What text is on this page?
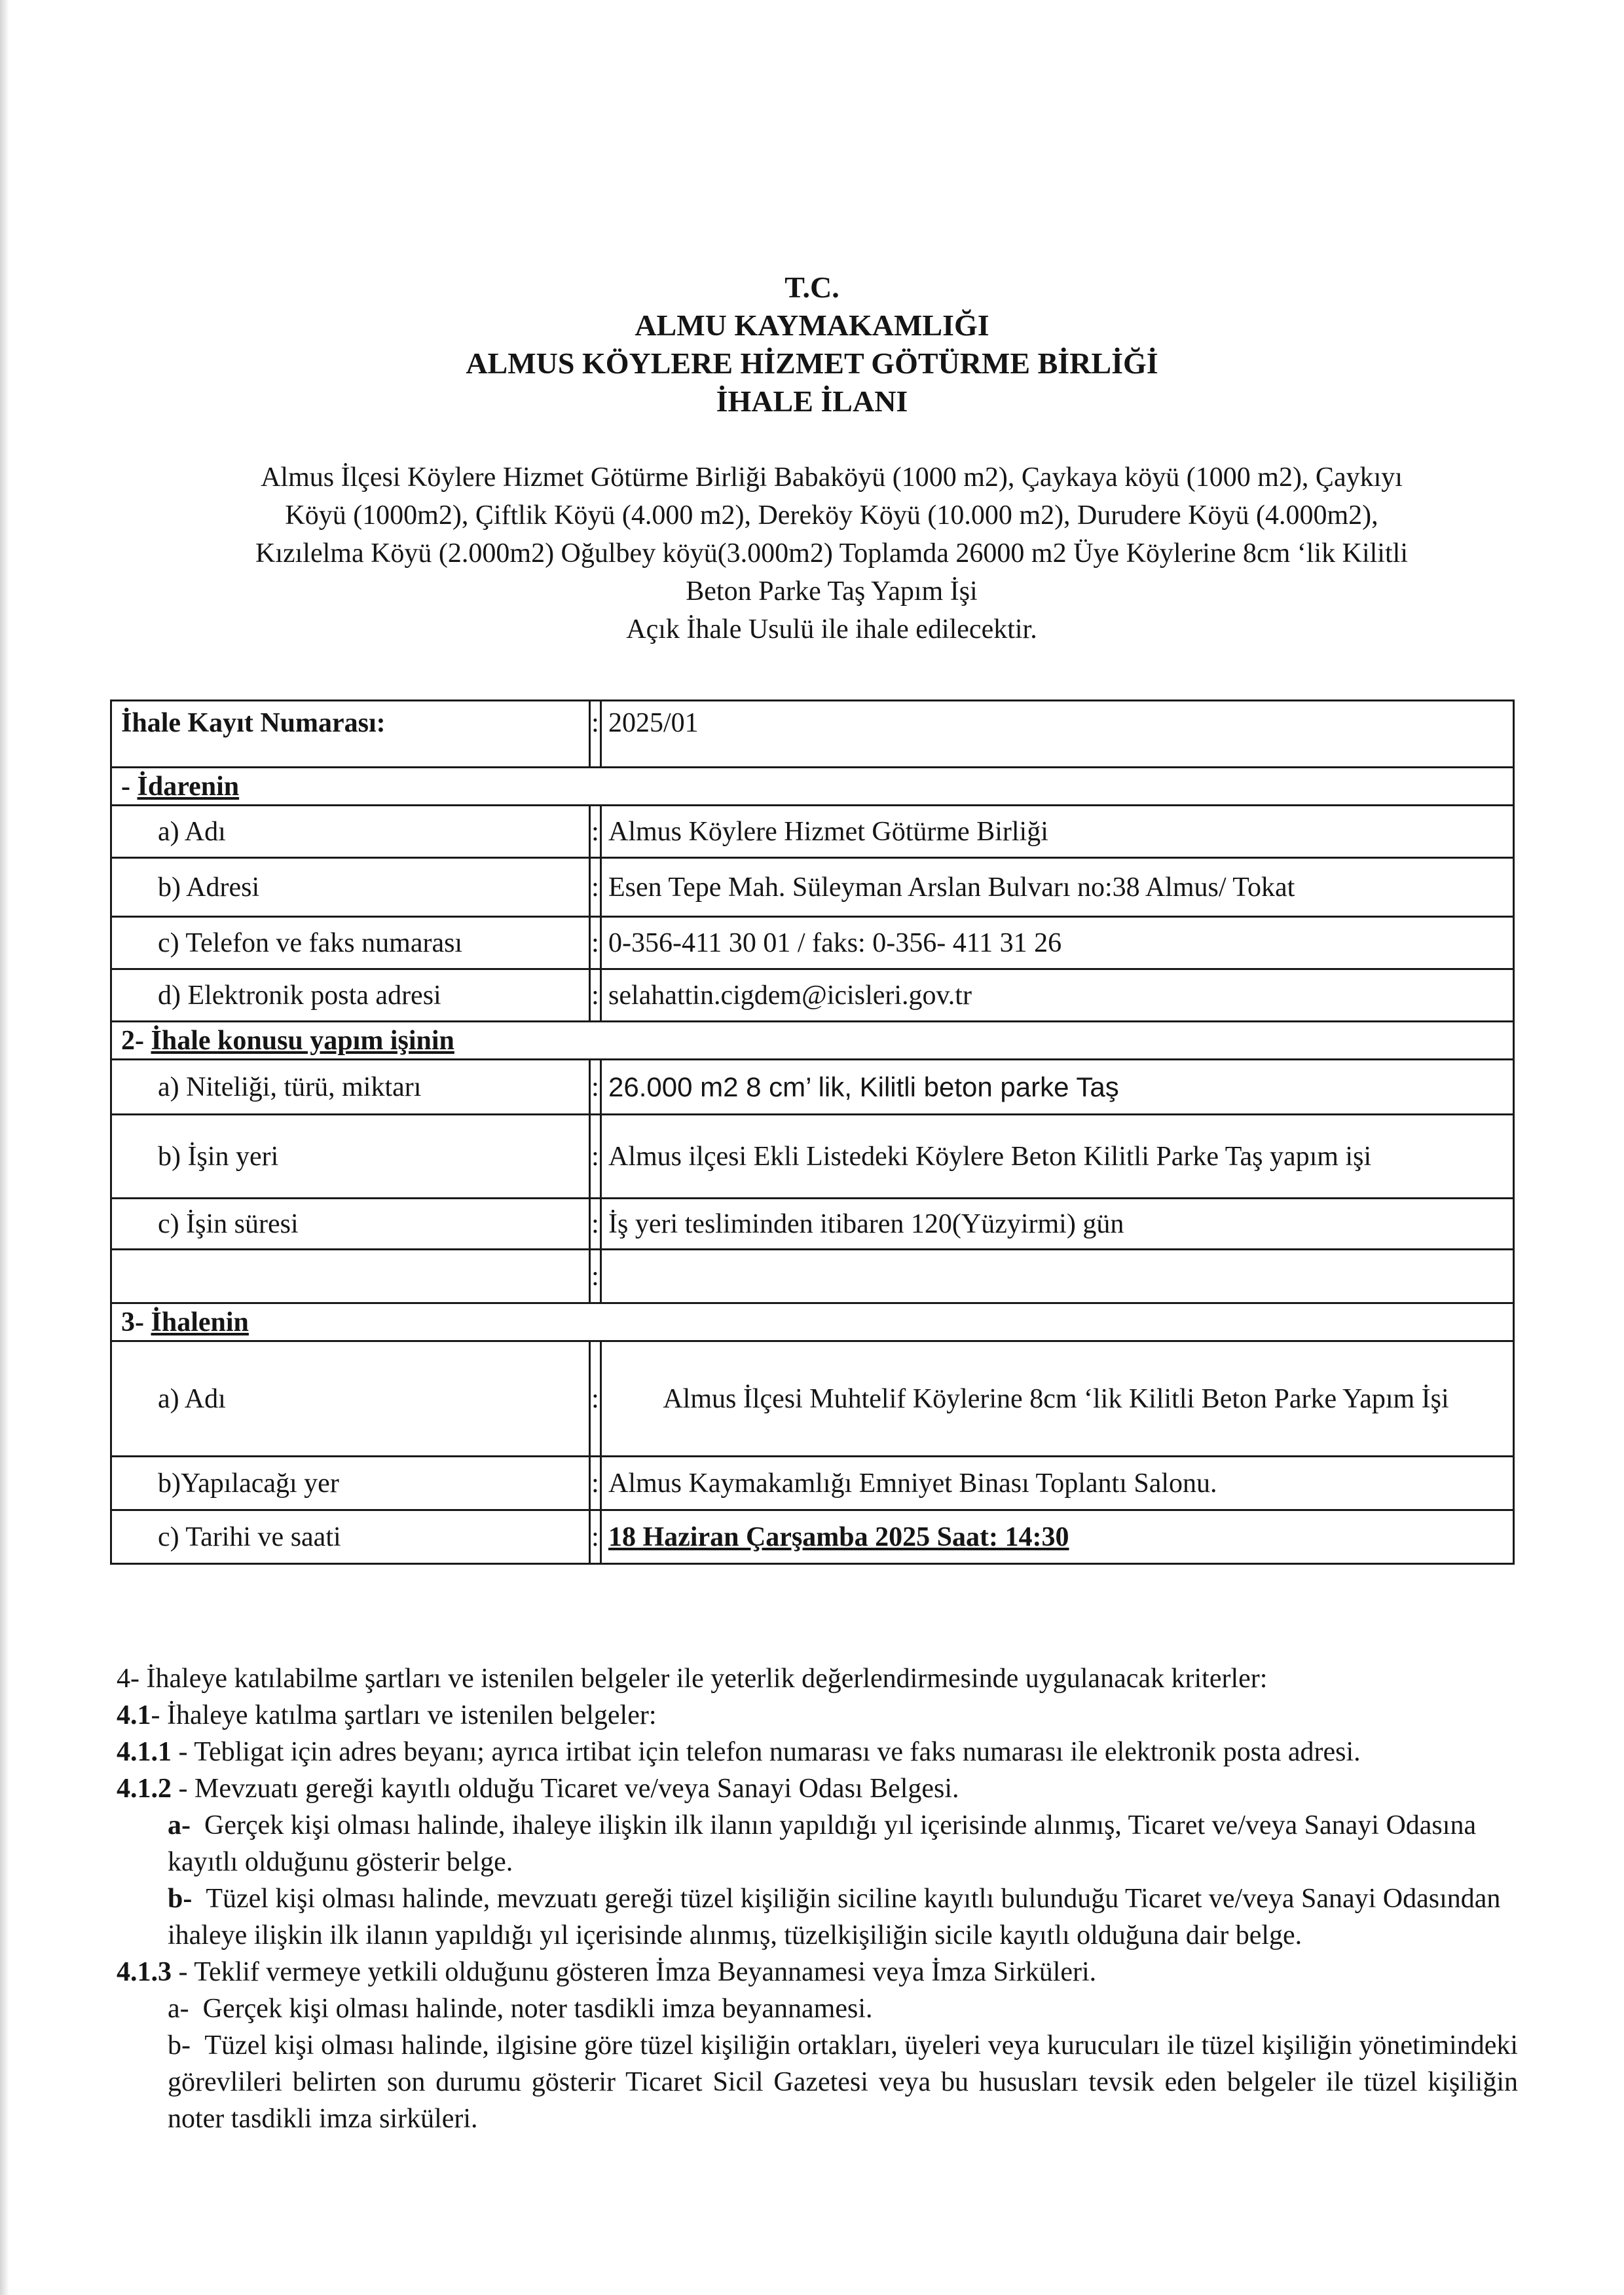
T.C.
ALMU KAYMAKAMLIĞI
ALMUS KÖYLERE HİZMET GÖTÜRME BİRLİĞİ
İHALE İLANI

Almus İlçesi Köylere Hizmet Götürme Birliği Babaköyü (1000 m2), Çaykaya köyü (1000 m2), Çaykıyı

Köyü (1000m2), Çiftlik Köyü (4.000 m2), Dereköy Köyü (10.000 m2), Durudere Köyü (4.000m2),

Kızılelma Köyü (2.000m2) Oğulbey köyü(3.000m2) Toplamda 26000 m2 Üye Köylerine 8cm ‘lik Kilitli

Beton Parke Taş Yapım İşi

Açık İhale Usulü ile ihale edilecektir.

İhale Kayıt Numarası:	:	2025/01
- İdarenin		
a) Adı	:	Almus Köylere Hizmet Götürme Birliği
b) Adresi	:	Esen Tepe Mah. Süleyman Arslan Bulvarı no:38 Almus/ Tokat
c) Telefon ve faks numarası	:	0-356-411 30 01 / faks: 0-356- 411 31 26
d) Elektronik posta adresi	:	selahattin.cigdem@icisleri.gov.tr
2- İhale konusu yapım işinin		
a) Niteliği, türü, miktarı	:	26.000 m2 8 cm’ lik, Kilitli beton parke Taş
b) İşin yeri	:	Almus ilçesi Ekli Listedeki Köylere Beton Kilitli Parke Taş yapım işi
c) İşin süresi	:	İş yeri tesliminden itibaren 120(Yüzyirmi) gün
	:	
3- İhalenin		
a) Adı	:	Almus İlçesi Muhtelif Köylerine 8cm ‘lik Kilitli Beton Parke Yapım İşi
b)Yapılacağı yer	:	Almus Kaymakamlığı Emniyet Binası Toplantı Salonu.
c) Tarihi ve saati	:	18 Haziran Çarşamba 2025 Saat: 14:30

4- İhaleye katılabilme şartları ve istenilen belgeler ile yeterlik değerlendirmesinde uygulanacak kriterler:

4.1- İhaleye katılma şartları ve istenilen belgeler:

4.1.1 - Tebligat için adres beyanı; ayrıca irtibat için telefon numarası ve faks numarası ile elektronik posta adresi.

4.1.2 - Mevzuatı gereği kayıtlı olduğu Ticaret ve/veya Sanayi Odası Belgesi.

a- Gerçek kişi olması halinde, ihaleye ilişkin ilk ilanın yapıldığı yıl içerisinde alınmış, Ticaret ve/veya Sanayi Odasına kayıtlı olduğunu gösterir belge.

b- Tüzel kişi olması halinde, mevzuatı gereği tüzel kişiliğin siciline kayıtlı bulunduğu Ticaret ve/veya Sanayi Odasından ihaleye ilişkin ilk ilanın yapıldığı yıl içerisinde alınmış, tüzelkişiliğin sicile kayıtlı olduğuna dair belge.

4.1.3 - Teklif vermeye yetkili olduğunu gösteren İmza Beyannamesi veya İmza Sirküleri.

a- Gerçek kişi olması halinde, noter tasdikli imza beyannamesi.

b- Tüzel kişi olması halinde, ilgisine göre tüzel kişiliğin ortakları, üyeleri veya kurucuları ile tüzel kişiliğin yönetimindeki görevlileri belirten son durumu gösterir Ticaret Sicil Gazetesi veya bu hususları tevsik eden belgeler ile tüzel kişiliğin noter tasdikli imza sirküleri.
